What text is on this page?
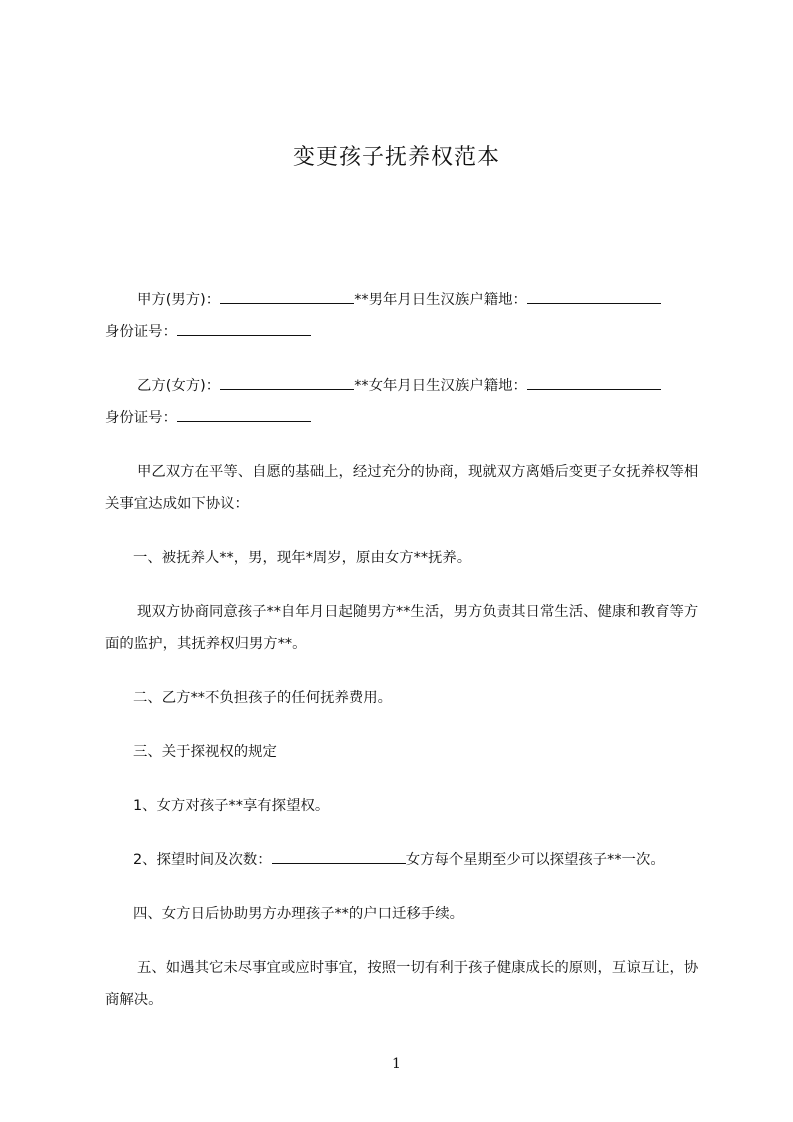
变更孩子抚养权范本

甲方(男方)：	**男年月日生汉族户籍地：
身份证号：

乙方(女方)：	**女年月日生汉族户籍地：
身份证号：

甲乙双方在平等、自愿的基础上，经过充分的协商，现就双方离婚后变更子女抚养权等相关事宜达成如下协议：

一、被抚养人**，男，现年*周岁，原由女方**抚养。

现双方协商同意孩子**自年月日起随男方**生活，男方负责其日常生活、健康和教育等方面的监护，其抚养权归男方**。

二、乙方**不负担孩子的任何抚养费用。

三、关于探视权的规定

1、女方对孩子**享有探望权。

2、探望时间及次数：	女方每个星期至少可以探望孩子**一次。

四、女方日后协助男方办理孩子**的户口迁移手续。

五、如遇其它未尽事宜或应时事宜，按照一切有利于孩子健康成长的原则，互谅互让，协商解决。

1
